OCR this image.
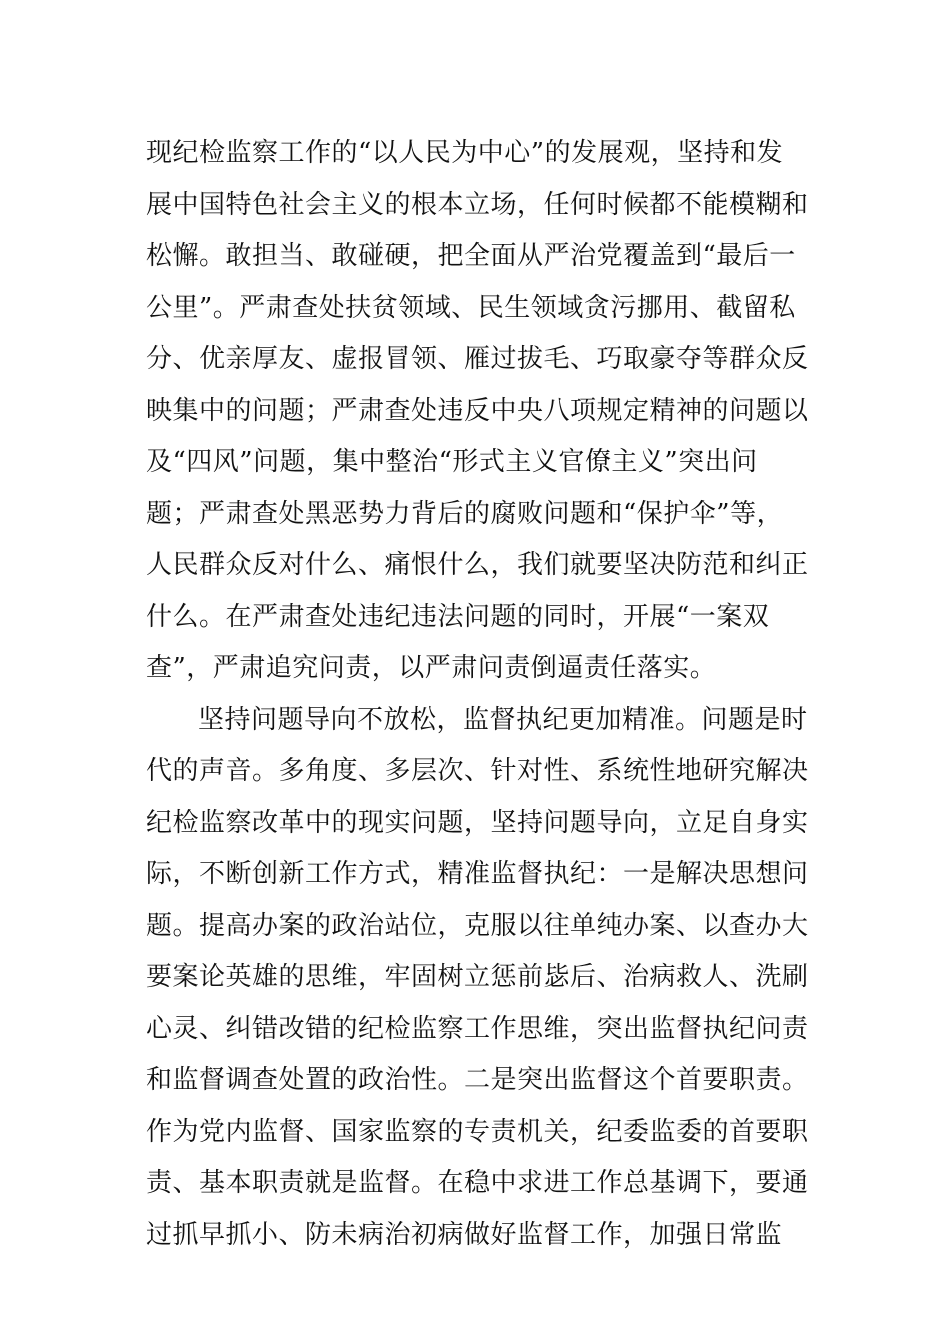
现纪检监察工作的“以人民为中心”的发展观，坚持和发
展中国特色社会主义的根本立场，任何时候都不能模糊和
松懈。敢担当、敢碰硬，把全面从严治党覆盖到“最后一
公里”。严肃查处扶贫领域、民生领域贪污挪用、截留私
分、优亲厚友、虚报冒领、雁过拔毛、巧取豪夺等群众反
映集中的问题；严肃查处违反中央八项规定精神的问题以
及“四风”问题，集中整治“形式主义官僚主义”突出问
题；严肃查处黑恶势力背后的腐败问题和“保护伞”等，
人民群众反对什么、痛恨什么，我们就要坚决防范和纠正
什么。在严肃查处违纪违法问题的同时，开展“一案双
查”，严肃追究问责，以严肃问责倒逼责任落实。
坚持问题导向不放松，监督执纪更加精准。问题是时
代的声音。多角度、多层次、针对性、系统性地研究解决
纪检监察改革中的现实问题，坚持问题导向，立足自身实
际，不断创新工作方式，精准监督执纪：一是解决思想问
题。提高办案的政治站位，克服以往单纯办案、以查办大
要案论英雄的思维，牢固树立惩前毖后、治病救人、洗刷
心灵、纠错改错的纪检监察工作思维，突出监督执纪问责
和监督调查处置的政治性。二是突出监督这个首要职责。
作为党内监督、国家监察的专责机关，纪委监委的首要职
责、基本职责就是监督。在稳中求进工作总基调下，要通
过抓早抓小、防未病治初病做好监督工作，加强日常监
